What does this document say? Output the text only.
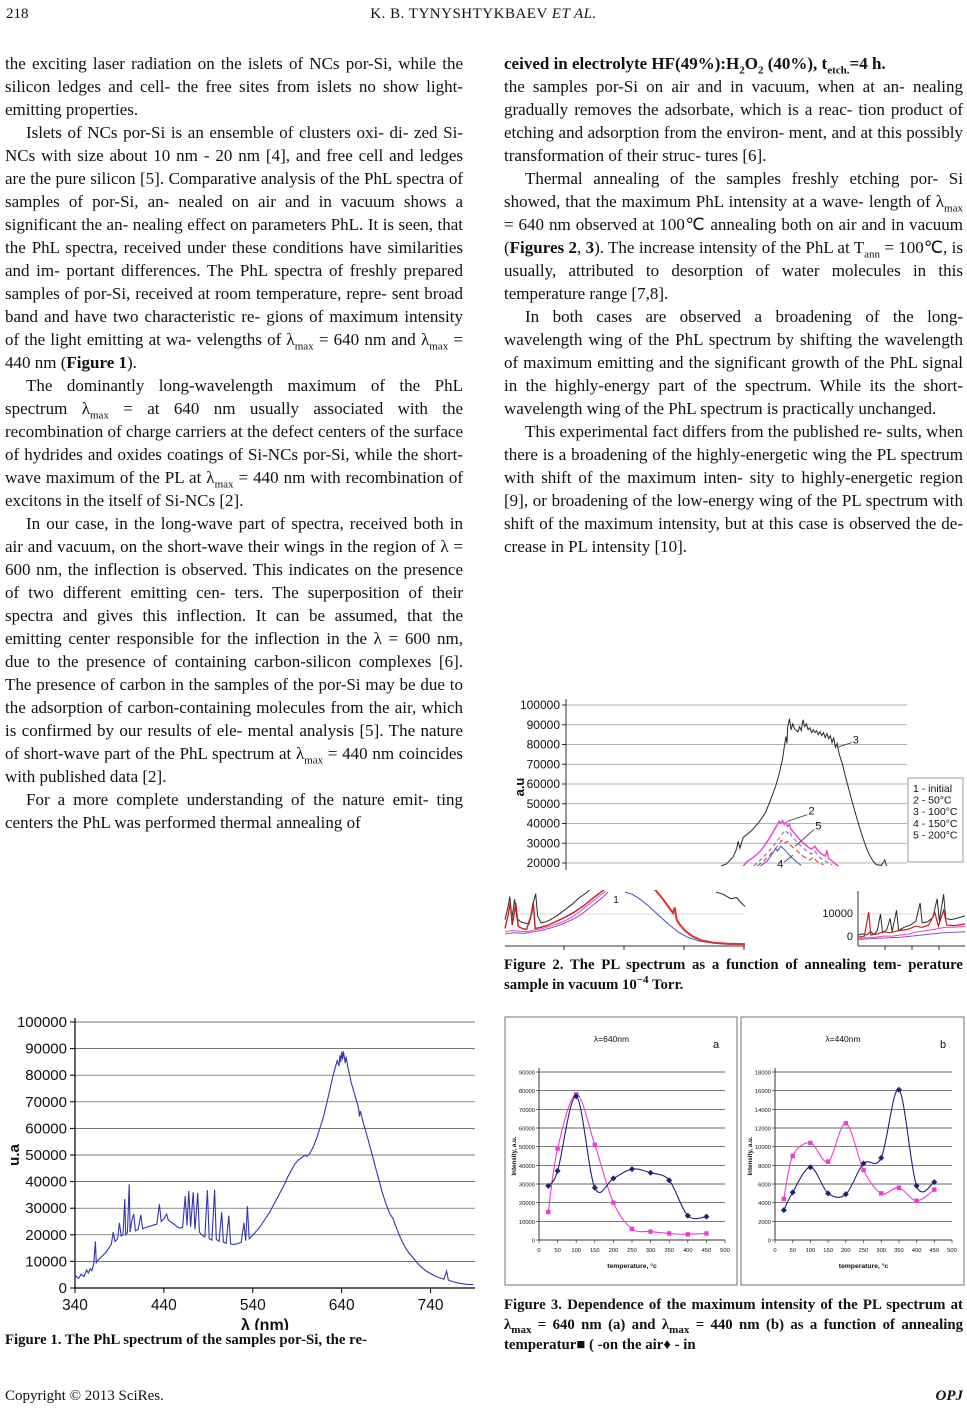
218	K. B. TYNYSHTYKBAEV ET AL.

the exciting laser radiation on the islets of NCs por-Si, while the silicon ledges and cell- the free sites from islets no show light-emitting properties.

Islets of NCs por-Si is an ensemble of clusters oxi- di- zed Si-NCs with size about 10 nm - 20 nm [4], and free cell and ledges are the pure silicon [5]. Comparative analysis of the PhL spectra of samples of por-Si, an- nealed on air and in vacuum shows a significant the an- nealing effect on parameters PhL. It is seen, that the PhL spectra, received under these conditions have similarities and im- portant differences. The PhL spectra of freshly prepared samples of por-Si, received at room temperature, repre- sent broad band and have two characteristic re- gions of maximum intensity of the light emitting at wa- velengths of $\lambda_{max} = 640$ nm and $\lambda_{max} = 440$ nm (Figure 1).

The dominantly long-wavelength maximum of the PhL spectrum $\lambda_{max}$ = at 640 nm usually associated with the recombination of charge carriers at the defect centers of the surface of hydrides and oxides coatings of Si-NCs por-Si, while the short-wave maximum of the PL at $\lambda_{max} = 440$ nm with recombination of excitons in the itself of Si-NCs [2].

In our case, in the long-wave part of spectra, received both in air and vacuum, on the short-wave their wings in the region of λ = 600 nm, the inflection is observed. This indicates on the presence of two different emitting cen- ters. The superposition of their spectra and gives this inflection. It can be assumed, that the emitting center responsible for the inflection in the λ = 600 nm, due to the presence of containing carbon-silicon complexes [6]. The presence of carbon in the samples of the por-Si may be due to the adsorption of carbon-containing molecules from the air, which is confirmed by our results of ele- mental analysis [5]. The nature of short-wave part of the PhL spectrum at $\lambda_{max} = 440$ nm coincides with published data [2].

For a more complete understanding of the nature emit- ting centers the PhL was performed thermal annealing of

ceived in electrolyte $HF(49\%):H_2O_2$ (40%), $t_{etch.}=4$ h.

the samples por-Si on air and in vacuum, when at an- nealing gradually removes the adsorbate, which is a reac- tion product of etching and adsorption from the environ- ment, and at this possibly transformation of their struc- tures [6].

Thermal annealing of the samples freshly etching por- Si showed, that the maximum PhL intensity at a wave- length of $\lambda_{max} = 640$ nm observed at 100℃ annealing both on air and in vacuum (Figures 2, 3). The increase intensity of the PhL at $T_{ann}$ = 100℃, is usually, attributed to desorption of water molecules in this temperature range [7,8].

In both cases are observed a broadening of the long- wavelength wing of the PhL spectrum by shifting the wavelength of maximum emitting and the significant growth of the PhL signal in the highly-energy part of the spectrum. While its the short-wavelength wing of the PhL spectrum is practically unchanged.

This experimental fact differs from the published re- sults, when there is a broadening of the highly-energetic wing the PL spectrum with shift of the maximum inten- sity to highly-energetic region [9], or broadening of the low-energy wing of the PL spectrum with shift of the maximum intensity, but at this case is observed the de- crease in PL intensity [10].

0
10000
20000
30000
40000
50000
60000
70000
80000
90000
100000
340	440	540	640	740
λ (nm)
u.a

Figure 1. The PhL spectrum of the samples por-Si, the re-

100000
90000
80000
70000
60000
50000
40000
30000
20000
3
2
5
4
1 - initial
2 - 50°C
3 - 100°C
4 - 150°C
5 - 200°C
a.u
1
10000
0

Figure 2. The PL spectrum as a function of annealing tem- perature sample in vacuum $10^{-4}$ Torr.

λ=640nm	a
90000
80000
70000
60000
50000
40000
30000
20000
10000
0
0 50 100 150 200 250 300 350 400 450 500
temperature, °c
Intensity, a.u.
λ=440nm	b
18000
16000
14000
12000
10000
8000
6000
4000
2000
0
0 50 100 150 200 250 300 350 400 450 500
temperature, °c
Intensity, a.u.

Figure 3. Dependence of the maximum intensity of the PL spectrum at $\lambda_{max} = 640$ nm (a) and $\lambda_{max} = 440$ nm (b) as a function of annealing temperatur■ ( -on the air♦ - in

Copyright © 2013 SciRes.	OPJ
